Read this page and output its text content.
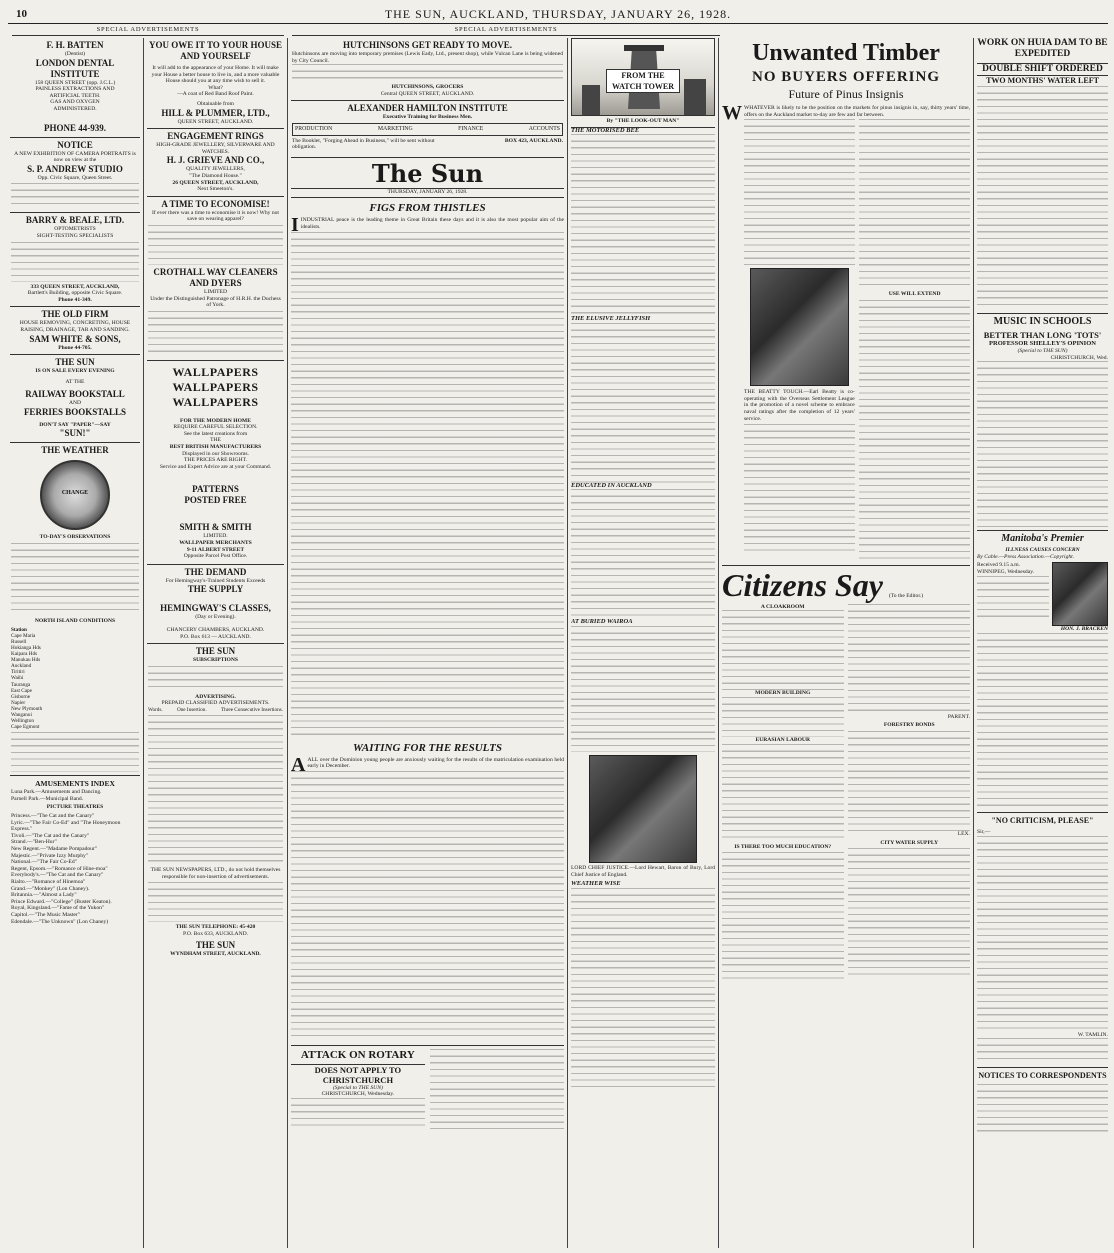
10	THE SUN, AUCKLAND, THURSDAY, JANUARY 26, 1928.
SPECIAL ADVERTISEMENTS	SPECIAL ADVERTISEMENTS
F. H. BATTEN
(Dentist)
LONDON DENTAL INSTITUTE
158 QUEEN STREET (opp. J.C.L.)
PAINLESS EXTRACTIONS AND
ARTIFICIAL TEETH.
GAS AND OXYGEN
ADMINISTERED.
PHONE 44-939.
NOTICE
A NEW EXHIBITION OF CAMERA PORTRAITS is now on view at the
S. P. ANDREW STUDIO
Opp. Civic Square, Queen Street.
BARRY & BEALE, LTD.
OPTOMETRISTS
SIGHT-TESTING SPECIALISTS
333 QUEEN STREET, AUCKLAND,
Bartlett's Building, opposite Civic Square.
Phone 41-349.
THE OLD FIRM
HOUSE REMOVING, CONCRETING, HOUSE RAISING, DRAINAGE, TAR AND SANDING.
SAM WHITE & SONS,
Phone 44-705.
THE SUN
IS ON SALE EVERY EVENING
AT THE
RAILWAY BOOKSTALL
AND
FERRIES BOOKSTALLS
DON'T SAY "PAPER"—SAY
"SUN!"
THE WEATHER
CHANGE
TO-DAY'S OBSERVATIONS
NORTH ISLAND CONDITIONS
Station
Cape Maria
Russell
Hokianga Hds
Kaipara Hds
Manukau Hds
Auckland
Tiritiri
Waihi
Tauranga
East Cape
Gisborne
Napier
New Plymouth
Wanganui
Wellington
Cape Egmont
AMUSEMENTS INDEX
Luna Park.—Amusements and Dancing.
Parnell Park.—Municipal Band.
PICTURE THEATRES
Princess.—"The Cat and the Canary"
Lyric.—"The Fair Co-Ed" and "The Honeymoon Express."
Tivoli.—"The Cat and the Canary"
Strand.—"Ben-Hur"
New Regent.—"Madame Pompadour"
Majestic.—"Private Izzy Murphy"
National.—"The Fair Co-Ed"
Regent, Epsom.—"Romance of Hine-moa"
Everybody's.—"The Cat and the Canary"
Rialto.—"Romance of Hinemoa"
Grand.—"Monkey" (Lon Chaney).
Britannia.—"Almost a Lady"
Prince Edward.—"College" (Buster Keaton).
Royal, Kingsland.—"Fame of the Yukon"
Capitol.—"The Music Master"
Edendale.—"The Unknown" (Lon Chaney)
YOU OWE IT TO YOUR HOUSE AND YOURSELF
It will add to the appearance of your Home. It will make your House a better house to live in, and a more valuable House should you at any time wish to sell it.
What?
—A coat of Red Band Roof Paint.
Obtainable from
HILL & PLUMMER, LTD.,
QUEEN STREET, AUCKLAND.
ENGAGEMENT RINGS
HIGH-GRADE JEWELLERY, SILVERWARE AND WATCHES.
H. J. GRIEVE AND CO.,
QUALITY JEWELLERS,
"The Diamond House."
26 QUEEN STREET, AUCKLAND,
Next Smeeton's.
A TIME TO ECONOMISE!
If ever there was a time to economise it is now! Why not save on wearing apparel?
CROTHALL WAY CLEANERS AND DYERS
LIMITED
Under the Distinguished Patronage of H.R.H. the Duchess of York.
WALLPAPERS
WALLPAPERS
WALLPAPERS
FOR THE MODERN HOME
REQUIRE CAREFUL SELECTION.
See the latest creations from
THE
BEST BRITISH MANUFACTURERS
Displayed in our Showrooms.
THE PRICES ARE RIGHT.
Service and Expert Advice are at your Command.
PATTERNS
POSTED FREE
SMITH & SMITH
LIMITED.
WALLPAPER MERCHANTS
9-11 ALBERT STREET
Opposite Parcel Post Office.
THE DEMAND
For Hemingway's-Trained Students Exceeds
THE SUPPLY
HEMINGWAY'S CLASSES,
(Day or Evening).
CHANCERY CHAMBERS, AUCKLAND.
P.O. Box 613 — AUCKLAND.
THE SUN
SUBSCRIPTIONS
ADVERTISING.
PREPAID CLASSIFIED ADVERTISEMENTS.
Words.	One Insertion.	Three Consecutive Insertions.
THE SUN NEWSPAPERS, LTD., do not hold themselves responsible for non-insertion of advertisements.
THE SUN TELEPHONE: 45-420
P.O. Box 633, AUCKLAND.
THE SUN
WYNDHAM STREET, AUCKLAND.
HUTCHINSONS GET READY TO MOVE.
Hutchinsons are moving into temporary premises (Lewis Eady, Ltd., present shop), while Vulcan Lane is being widened by City Council.
HUTCHINSONS, GROCERS
Central QUEEN STREET, AUCKLAND.
ALEXANDER HAMILTON INSTITUTE
Executive Training for Business Men.
PRODUCTION	MARKETING	FINANCE	ACCOUNTS
The Booklet, "Forging Ahead in Business," will be sent without obligation.
BOX 423, AUCKLAND.
The Sun
THURSDAY, JANUARY 26, 1928.
FIGS FROM THISTLES
I INDUSTRIAL peace is the leading theme in Great Britain these days and it is also the most popular aim of the idealists.
WAITING FOR THE RESULTS
A ALL over the Dominion young people are anxiously waiting for the results of the matriculation examination held early in December.
ATTACK ON ROTARY
DOES NOT APPLY TO CHRISTCHURCH
(Special to THE SUN)
CHRISTCHURCH, Wednesday.
FROM THE WATCH TOWER
By "THE LOOK-OUT MAN"
THE MOTORISED BEE
THE ELUSIVE JELLYFISH
EDUCATED IN AUCKLAND
AT BURIED WAIROA
LORD CHIEF JUSTICE.—Lord Hewart, Baron of Bury, Lord Chief Justice of England.
WEATHER WISE
Unwanted Timber
NO BUYERS OFFERING
Future of Pinus Insignis
W WHATEVER is likely to be the position on the markets for pinus insignis in, say, thirty years' time, offers on the Auckland market to-day are few and far between.
THE BEATTY TOUCH.—Earl Beatty is co-operating with the Overseas Settlement League in the promotion of a novel scheme to embrace naval ratings after the completion of 12 years' service.
USE WILL EXTEND
Citizens Say (To the Editor.)
A CLOAKROOM
MODERN BUILDING
EURASIAN LABOUR
IS THERE TOO MUCH EDUCATION?
PARENT.
FORESTRY BONDS
LEX.
CITY WATER SUPPLY
WORK ON HUIA DAM TO BE EXPEDITED
DOUBLE SHIFT ORDERED
TWO MONTHS' WATER LEFT
MUSIC IN SCHOOLS
BETTER THAN LONG 'TOTS'
PROFESSOR SHELLEY'S OPINION
(Special to THE SUN)
CHRISTCHURCH, Wed.
Manitoba's Premier
ILLNESS CAUSES CONCERN
By Cable.—Press Association.—Copyright.
Received 9.15 a.m. WINNIPEG, Wednesday.
HON. J. BRACKEN
"NO CRITICISM, PLEASE"
Sir,—
W. TAMLIN.
NOTICES TO CORRESPONDENTS
